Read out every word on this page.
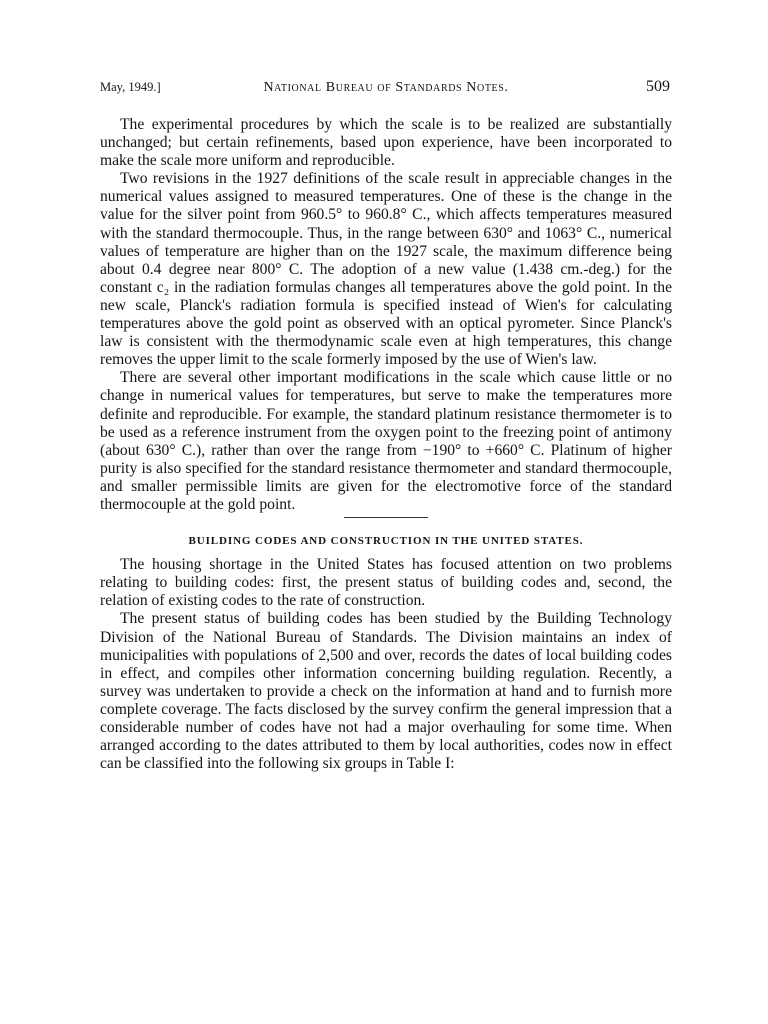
May, 1949.]	National Bureau of Standards Notes.	509

The experimental procedures by which the scale is to be realized are substantially unchanged; but certain refinements, based upon experience, have been incorporated to make the scale more uniform and reproducible.

Two revisions in the 1927 definitions of the scale result in appreciable changes in the numerical values assigned to measured temperatures. One of these is the change in the value for the silver point from 960.5° to 960.8° C., which affects temperatures measured with the standard thermocouple. Thus, in the range between 630° and 1063° C., numerical values of temperature are higher than on the 1927 scale, the maximum difference being about 0.4 degree near 800° C. The adoption of a new value (1.438 cm.-deg.) for the constant c₂ in the radiation formulas changes all temperatures above the gold point. In the new scale, Planck's radiation formula is specified instead of Wien's for calculating temperatures above the gold point as observed with an optical pyrometer. Since Planck's law is consistent with the thermodynamic scale even at high temperatures, this change removes the upper limit to the scale formerly imposed by the use of Wien's law.

There are several other important modifications in the scale which cause little or no change in numerical values for temperatures, but serve to make the temperatures more definite and reproducible. For example, the standard platinum resistance thermometer is to be used as a reference instrument from the oxygen point to the freezing point of antimony (about 630° C.), rather than over the range from −190° to +660° C. Platinum of higher purity is also specified for the standard resistance thermometer and standard thermocouple, and smaller permissible limits are given for the electromotive force of the standard thermocouple at the gold point.

BUILDING CODES AND CONSTRUCTION IN THE UNITED STATES.

The housing shortage in the United States has focused attention on two problems relating to building codes: first, the present status of building codes and, second, the relation of existing codes to the rate of construction.

The present status of building codes has been studied by the Building Technology Division of the National Bureau of Standards. The Division maintains an index of municipalities with populations of 2,500 and over, records the dates of local building codes in effect, and compiles other information concerning building regulation. Recently, a survey was undertaken to provide a check on the information at hand and to furnish more complete coverage. The facts disclosed by the survey confirm the general impression that a considerable number of codes have not had a major overhauling for some time. When arranged according to the dates attributed to them by local authorities, codes now in effect can be classified into the following six groups in Table I:
